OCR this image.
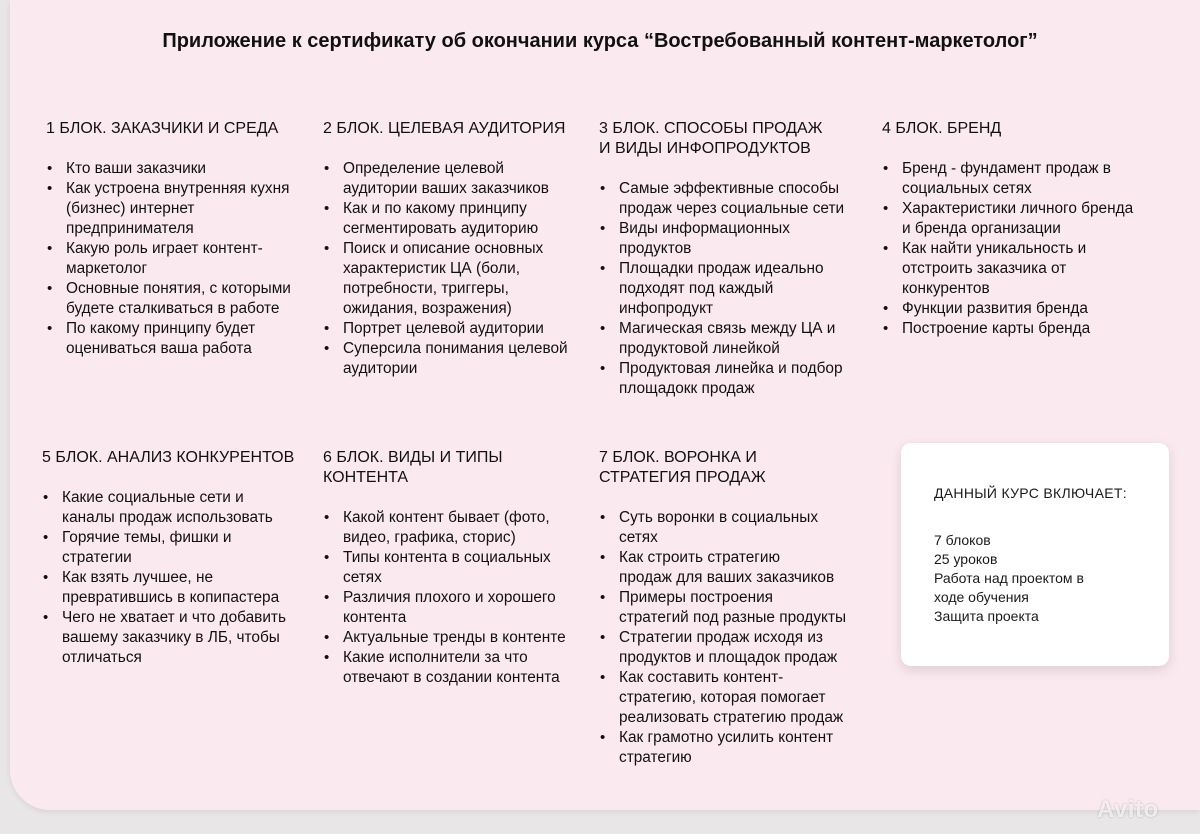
Приложение к сертификату об окончании курса “Востребованный контент-маркетолог”
1 БЛОК. ЗАКАЗЧИКИ И СРЕДА
• Кто ваши заказчики
• Как устроена внутренняя кухня
(бизнес) интернет
предпринимателя
• Какую роль играет контент-
маркетолог
• Основные понятия, с которыми
будете сталкиваться в работе
• По какому принципу будет
оцениваться ваша работа
2 БЛОК. ЦЕЛЕВАЯ АУДИТОРИЯ
• Определение целевой
аудитории ваших заказчиков
• Как и по какому принципу
сегментировать аудиторию
• Поиск и описание основных
характеристик ЦА (боли,
потребности, триггеры,
ожидания, возражения)
• Портрет целевой аудитории
• Суперсила понимания целевой
аудитории
3 БЛОК. СПОСОБЫ ПРОДАЖ
И ВИДЫ ИНФОПРОДУКТОВ
• Самые эффективные способы
продаж через социальные сети
• Виды информационных
продуктов
• Площадки продаж идеально
подходят под каждый
инфопродукт
• Магическая связь между ЦА и
продуктовой линейкой
• Продуктовая линейка и подбор
площадокк продаж
4 БЛОК. БРЕНД
• Бренд - фундамент продаж в
социальных сетях
• Характеристики личного бренда
и бренда организации
• Как найти уникальность и
отстроить заказчика от
конкурентов
• Функции развития бренда
• Построение карты бренда
5 БЛОК. АНАЛИЗ КОНКУРЕНТОВ
• Какие социальные сети и
каналы продаж использовать
• Горячие темы, фишки и
стратегии
• Как взять лучшее, не
превратившись в копипастера
• Чего не хватает и что добавить
вашему заказчику в ЛБ, чтобы
отличаться
6 БЛОК. ВИДЫ И ТИПЫ
КОНТЕНТА
• Какой контент бывает (фото,
видео, графика, сторис)
• Типы контента в социальных
сетях
• Различия плохого и хорошего
контента
• Актуальные тренды в контенте
• Какие исполнители за что
отвечают в создании контента
7 БЛОК. ВОРОНКА И
СТРАТЕГИЯ ПРОДАЖ
• Суть воронки в социальных
сетях
• Как строить стратегию
продаж для ваших заказчиков
• Примеры построения
стратегий под разные продукты
• Стратегии продаж исходя из
продуктов и площадок продаж
• Как составить контент-
стратегию, которая помогает
реализовать стратегию продаж
• Как грамотно усилить контент
стратегию
ДАННЫЙ КУРС ВКЛЮЧАЕТ:
7 блоков
25 уроков
Работа над проектом в
ходе обучения
Защита проекта
Avito
